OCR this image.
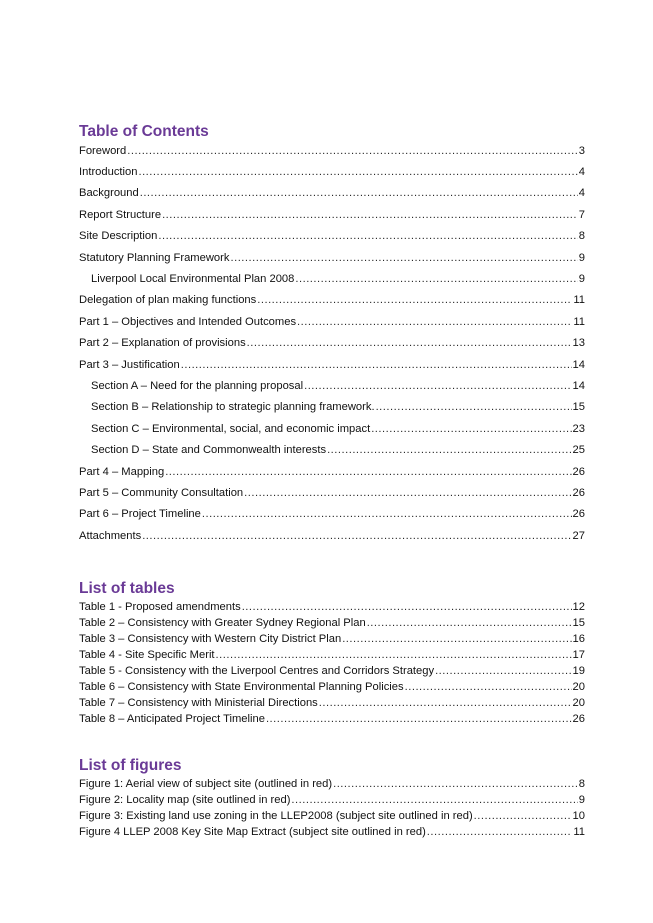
Table of Contents
Foreword .....	3
Introduction .....	4
Background .....	4
Report Structure .....	7
Site Description .....	8
Statutory Planning Framework .....	9
Liverpool Local Environmental Plan 2008 .....	9
Delegation of plan making functions .....	11
Part 1 – Objectives and Intended Outcomes .....	11
Part 2 – Explanation of provisions .....	13
Part 3 – Justification .....	14
Section A – Need for the planning proposal .....	14
Section B – Relationship to strategic planning framework. .....	15
Section C – Environmental, social, and economic impact .....	23
Section D – State and Commonwealth interests .....	25
Part 4 – Mapping .....	26
Part 5 – Community Consultation .....	26
Part 6 – Project Timeline .....	26
Attachments .....	27
List of tables
Table 1 - Proposed amendments .....	12
Table 2 – Consistency with Greater Sydney Regional Plan .....	15
Table 3 – Consistency with Western City District Plan .....	16
Table 4 - Site Specific Merit .....	17
Table 5 - Consistency with the Liverpool Centres and Corridors Strategy .....	19
Table 6 – Consistency with State Environmental Planning Policies .....	20
Table 7 – Consistency with Ministerial Directions .....	20
Table 8 – Anticipated Project Timeline .....	26
List of figures
Figure 1: Aerial view of subject site (outlined in red) .....	8
Figure 2: Locality map (site outlined in red) .....	9
Figure 3: Existing land use zoning in the LLEP2008 (subject site outlined in red) .....	10
Figure 4 LLEP 2008 Key Site Map Extract (subject site outlined in red) .....	11
